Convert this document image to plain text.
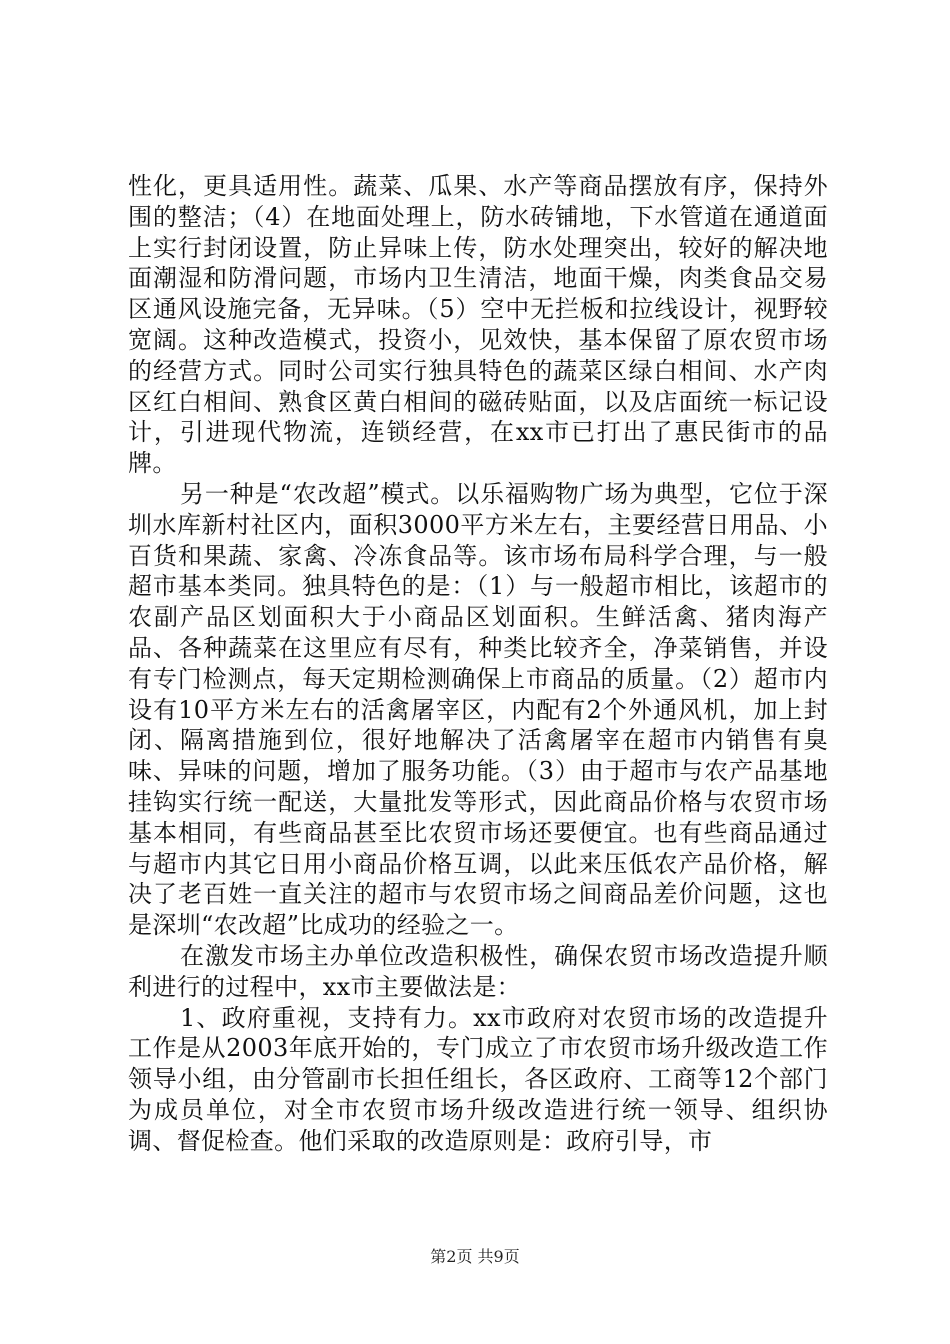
性化，更具适用性。蔬菜、瓜果、水产等商品摆放有序，保持外围的整洁；（4）在地面处理上，防水砖铺地，下水管道在通道面上实行封闭设置，防止异味上传，防水处理突出，较好的解决地面潮湿和防滑问题，市场内卫生清洁，地面干燥，肉类食品交易区通风设施完备，无异味。（5）空中无拦板和拉线设计，视野较宽阔。这种改造模式，投资小，见效快，基本保留了原农贸市场的经营方式。同时公司实行独具特色的蔬菜区绿白相间、水产肉区红白相间、熟食区黄白相间的磁砖贴面，以及店面统一标记设计，引进现代物流，连锁经营，在xx市已打出了惠民街市的品牌。

另一种是“农改超”模式。以乐福购物广场为典型，它位于深圳水库新村社区内，面积3000平方米左右，主要经营日用品、小百货和果蔬、家禽、冷冻食品等。该市场布局科学合理，与一般超市基本类同。独具特色的是：（1）与一般超市相比，该超市的农副产品区划面积大于小商品区划面积。生鲜活禽、猪肉海产品、各种蔬菜在这里应有尽有，种类比较齐全，净菜销售，并设有专门检测点，每天定期检测确保上市商品的质量。（2）超市内设有10平方米左右的活禽屠宰区，内配有2个外通风机，加上封闭、隔离措施到位，很好地解决了活禽屠宰在超市内销售有臭味、异味的问题，增加了服务功能。（3）由于超市与农产品基地挂钩实行统一配送，大量批发等形式，因此商品价格与农贸市场基本相同，有些商品甚至比农贸市场还要便宜。也有些商品通过与超市内其它日用小商品价格互调，以此来压低农产品价格，解决了老百姓一直关注的超市与农贸市场之间商品差价问题，这也是深圳“农改超”比成功的经验之一。

在激发市场主办单位改造积极性，确保农贸市场改造提升顺利进行的过程中，xx市主要做法是：

1、政府重视，支持有力。xx市政府对农贸市场的改造提升工作是从2003年底开始的，专门成立了市农贸市场升级改造工作领导小组，由分管副市长担任组长，各区政府、工商等12个部门为成员单位，对全市农贸市场升级改造进行统一领导、组织协调、督促检查。他们采取的改造原则是：政府引导，市

第2页 共9页
